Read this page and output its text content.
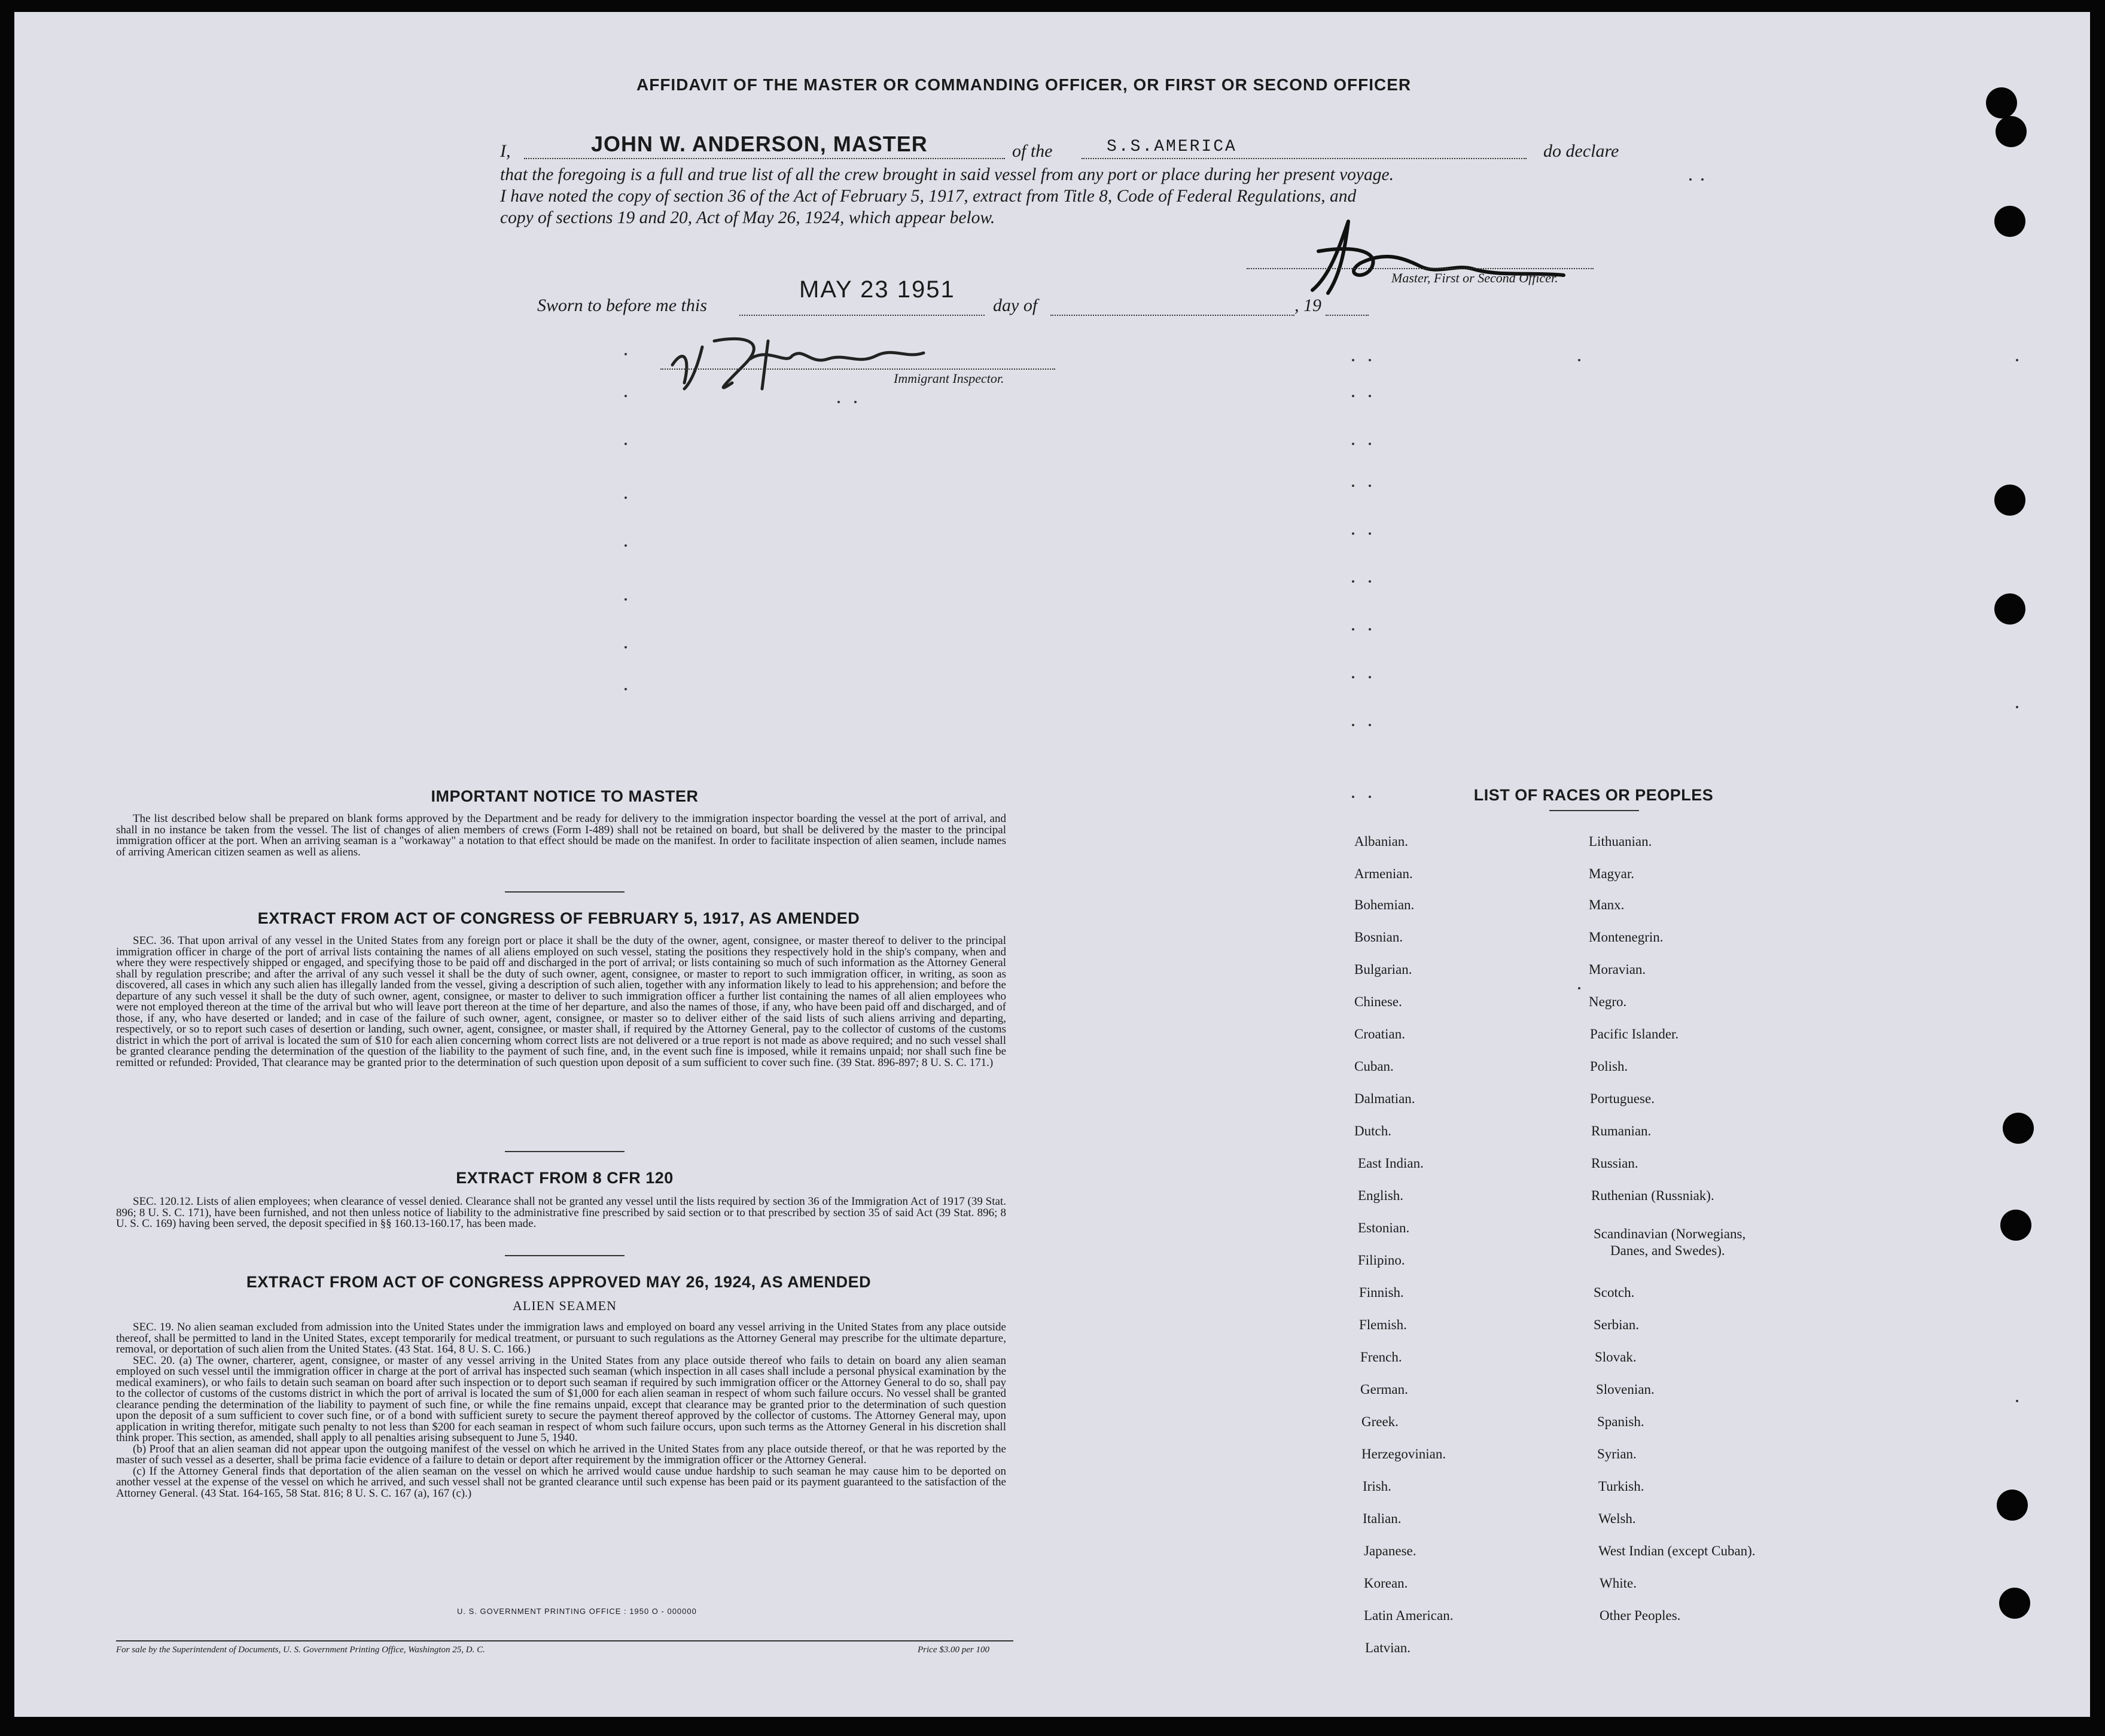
AFFIDAVIT OF THE MASTER OR COMMANDING OFFICER, OR FIRST OR SECOND OFFICER
I,	JOHN W. ANDERSON, MASTER	of the	S.S.AMERICA	do declare
that the foregoing is a full and true list of all the crew brought in said vessel from any port or place during her present voyage.
I have noted the copy of section 36 of the Act of February 5, 1917, extract from Title 8, Code of Federal Regulations, and
copy of sections 19 and 20, Act of May 26, 1924, which appear below.
Master, First or Second Officer.
Sworn to before me this
MAY 23 1951
day of	, 19
Immigrant Inspector.
IMPORTANT NOTICE TO MASTER

The list described below shall be prepared on blank forms approved by the Department and be ready for delivery to the immigration inspector boarding the vessel at the port of arrival, and shall in no instance be taken from the vessel. The list of changes of alien members of crews (Form I-489) shall not be retained on board, but shall be delivered by the master to the principal immigration officer at the port. When an arriving seaman is a "workaway" a notation to that effect should be made on the manifest. In order to facilitate inspection of alien seamen, include names of arriving American citizen seamen as well as aliens.

EXTRACT FROM ACT OF CONGRESS OF FEBRUARY 5, 1917, AS AMENDED

SEC. 36. That upon arrival of any vessel in the United States from any foreign port or place it shall be the duty of the owner, agent, consignee, or master thereof to deliver to the principal immigration officer in charge of the port of arrival lists containing the names of all aliens employed on such vessel, stating the positions they respectively hold in the ship's company, when and where they were respectively shipped or engaged, and specifying those to be paid off and discharged in the port of arrival; or lists containing so much of such information as the Attorney General shall by regulation prescribe; and after the arrival of any such vessel it shall be the duty of such owner, agent, consignee, or master to report to such immigration officer, in writing, as soon as discovered, all cases in which any such alien has illegally landed from the vessel, giving a description of such alien, together with any information likely to lead to his apprehension; and before the departure of any such vessel it shall be the duty of such owner, agent, consignee, or master to deliver to such immigration officer a further list containing the names of all alien employees who were not employed thereon at the time of the arrival but who will leave port thereon at the time of her departure, and also the names of those, if any, who have been paid off and discharged, and of those, if any, who have deserted or landed; and in case of the failure of such owner, agent, consignee, or master so to deliver either of the said lists of such aliens arriving and departing, respectively, or so to report such cases of desertion or landing, such owner, agent, consignee, or master shall, if required by the Attorney General, pay to the collector of customs of the customs district in which the port of arrival is located the sum of $10 for each alien concerning whom correct lists are not delivered or a true report is not made as above required; and no such vessel shall be granted clearance pending the determination of the question of the liability to the payment of such fine, and, in the event such fine is imposed, while it remains unpaid; nor shall such fine be remitted or refunded: Provided, That clearance may be granted prior to the determination of such question upon deposit of a sum sufficient to cover such fine. (39 Stat. 896-897; 8 U. S. C. 171.)

EXTRACT FROM 8 CFR 120

SEC. 120.12. Lists of alien employees; when clearance of vessel denied. Clearance shall not be granted any vessel until the lists required by section 36 of the Immigration Act of 1917 (39 Stat. 896; 8 U. S. C. 171), have been furnished, and not then unless notice of liability to the administrative fine prescribed by said section or to that prescribed by section 35 of said Act (39 Stat. 896; 8 U. S. C. 169) having been served, the deposit specified in §§ 160.13-160.17, has been made.

EXTRACT FROM ACT OF CONGRESS APPROVED MAY 26, 1924, AS AMENDED
ALIEN SEAMEN

SEC. 19. No alien seaman excluded from admission into the United States under the immigration laws and employed on board any vessel arriving in the United States from any place outside thereof, shall be permitted to land in the United States, except temporarily for medical treatment, or pursuant to such regulations as the Attorney General may prescribe for the ultimate departure, removal, or deportation of such alien from the United States. (43 Stat. 164, 8 U. S. C. 166.)

SEC. 20. (a) The owner, charterer, agent, consignee, or master of any vessel arriving in the United States from any place outside thereof who fails to detain on board any alien seaman employed on such vessel until the immigration officer in charge at the port of arrival has inspected such seaman (which inspection in all cases shall include a personal physical examination by the medical examiners), or who fails to detain such seaman on board after such inspection or to deport such seaman if required by such immigration officer or the Attorney General to do so, shall pay to the collector of customs of the customs district in which the port of arrival is located the sum of $1,000 for each alien seaman in respect of whom such failure occurs. No vessel shall be granted clearance pending the determination of the liability to payment of such fine, or while the fine remains unpaid, except that clearance may be granted prior to the determination of such question upon the deposit of a sum sufficient to cover such fine, or of a bond with sufficient surety to secure the payment thereof approved by the collector of customs. The Attorney General may, upon application in writing therefor, mitigate such penalty to not less than $200 for each seaman in respect of whom such failure occurs, upon such terms as the Attorney General in his discretion shall think proper. This section, as amended, shall apply to all penalties arising subsequent to June 5, 1940.

(b) Proof that an alien seaman did not appear upon the outgoing manifest of the vessel on which he arrived in the United States from any place outside thereof, or that he was reported by the master of such vessel as a deserter, shall be prima facie evidence of a failure to detain or deport after requirement by the immigration officer or the Attorney General.

(c) If the Attorney General finds that deportation of the alien seaman on the vessel on which he arrived would cause undue hardship to such seaman he may cause him to be deported on another vessel at the expense of the vessel on which he arrived, and such vessel shall not be granted clearance until such expense has been paid or its payment guaranteed to the satisfaction of the Attorney General. (43 Stat. 164-165, 58 Stat. 816; 8 U. S. C. 167 (a), 167 (c).)

U. S. GOVERNMENT PRINTING OFFICE : 1950 O - 000000
For sale by the Superintendent of Documents, U. S. Government Printing Office, Washington 25, D. C.	Price $3.00 per 100
LIST OF RACES OR PEOPLES
Albanian.
Armenian.
Bohemian.
Bosnian.
Bulgarian.
Chinese.
Croatian.
Cuban.
Dalmatian.
Dutch.
East Indian.
English.
Estonian.
Filipino.
Finnish.
Flemish.
French.
German.
Greek.
Herzegovinian.
Irish.
Italian.
Japanese.
Korean.
Latin American.
Latvian.
Lithuanian.
Magyar.
Manx.
Montenegrin.
Moravian.
Negro.
Pacific Islander.
Polish.
Portuguese.
Rumanian.
Russian.
Ruthenian (Russniak).
Scandinavian (Norwegians,
Danes, and Swedes).
Scotch.
Serbian.
Slovak.
Slovenian.
Spanish.
Syrian.
Turkish.
Welsh.
West Indian (except Cuban).
White.
Other Peoples.
